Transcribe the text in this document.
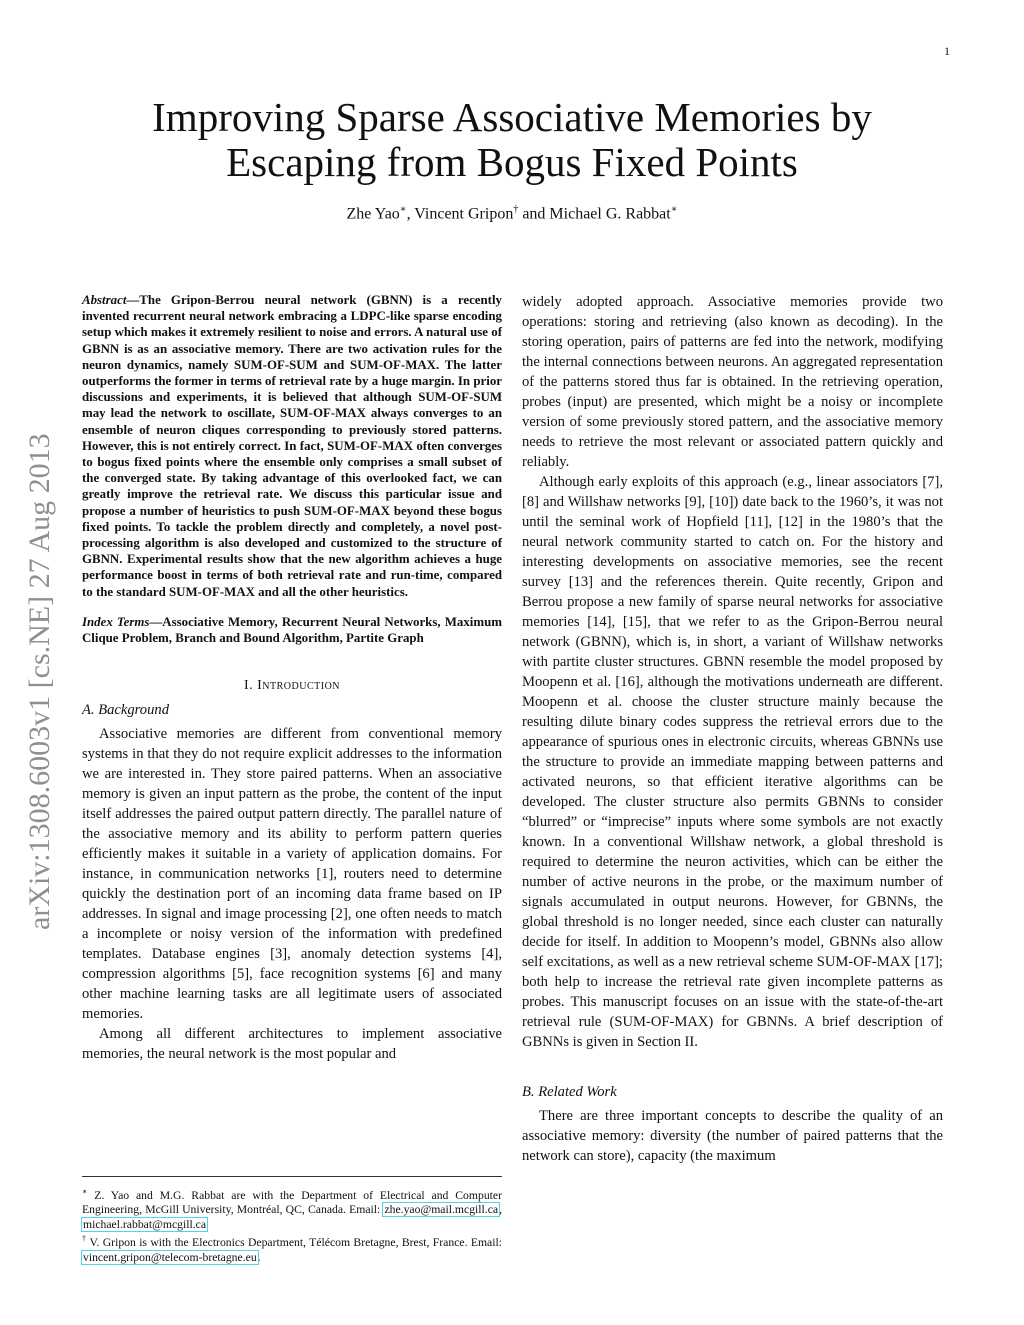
1
arXiv:1308.6003v1 [cs.NE] 27 Aug 2013
Improving Sparse Associative Memories by Escaping from Bogus Fixed Points
Zhe Yao∗, Vincent Gripon† and Michael G. Rabbat∗

Abstract—The Gripon-Berrou neural network (GBNN) is a recently invented recurrent neural network embracing a LDPC-like sparse encoding setup which makes it extremely resilient to noise and errors. A natural use of GBNN is as an associative memory. There are two activation rules for the neuron dynamics, namely SUM-OF-SUM and SUM-OF-MAX. The latter outperforms the former in terms of retrieval rate by a huge margin. In prior discussions and experiments, it is believed that although SUM-OF-SUM may lead the network to oscillate, SUM-OF-MAX always converges to an ensemble of neuron cliques corresponding to previously stored patterns. However, this is not entirely correct. In fact, SUM-OF-MAX often converges to bogus fixed points where the ensemble only comprises a small subset of the converged state. By taking advantage of this overlooked fact, we can greatly improve the retrieval rate. We discuss this particular issue and propose a number of heuristics to push SUM-OF-MAX beyond these bogus fixed points. To tackle the problem directly and completely, a novel post-processing algorithm is also developed and customized to the structure of GBNN. Experimental results show that the new algorithm achieves a huge performance boost in terms of both retrieval rate and run-time, compared to the standard SUM-OF-MAX and all the other heuristics.

Index Terms—Associative Memory, Recurrent Neural Networks, Maximum Clique Problem, Branch and Bound Algorithm, Partite Graph

I. Introduction
A. Background

Associative memories are different from conventional memory systems in that they do not require explicit addresses to the information we are interested in. They store paired patterns. When an associative memory is given an input pattern as the probe, the content of the input itself addresses the paired output pattern directly. The parallel nature of the associative memory and its ability to perform pattern queries efficiently makes it suitable in a variety of application domains. For instance, in communication networks [1], routers need to determine quickly the destination port of an incoming data frame based on IP addresses. In signal and image processing [2], one often needs to match a incomplete or noisy version of the information with predefined templates. Database engines [3], anomaly detection systems [4], compression algorithms [5], face recognition systems [6] and many other machine learning tasks are all legitimate users of associated memories.

Among all different architectures to implement associative memories, the neural network is the most popular and

∗ Z. Yao and M.G. Rabbat are with the Department of Electrical and Computer Engineering, McGill University, Montréal, QC, Canada. Email: zhe.yao@mail.mcgill.ca, michael.rabbat@mcgill.ca
† V. Gripon is with the Electronics Department, Télécom Bretagne, Brest, France. Email: vincent.gripon@telecom-bretagne.eu.

widely adopted approach. Associative memories provide two operations: storing and retrieving (also known as decoding). In the storing operation, pairs of patterns are fed into the network, modifying the internal connections between neurons. An aggregated representation of the patterns stored thus far is obtained. In the retrieving operation, probes (input) are presented, which might be a noisy or incomplete version of some previously stored pattern, and the associative memory needs to retrieve the most relevant or associated pattern quickly and reliably.

Although early exploits of this approach (e.g., linear associators [7], [8] and Willshaw networks [9], [10]) date back to the 1960’s, it was not until the seminal work of Hopfield [11], [12] in the 1980’s that the neural network community started to catch on. For the history and interesting developments on associative memories, see the recent survey [13] and the references therein. Quite recently, Gripon and Berrou propose a new family of sparse neural networks for associative memories [14], [15], that we refer to as the Gripon-Berrou neural network (GBNN), which is, in short, a variant of Willshaw networks with partite cluster structures. GBNN resemble the model proposed by Moopenn et al. [16], although the motivations underneath are different. Moopenn et al. choose the cluster structure mainly because the resulting dilute binary codes suppress the retrieval errors due to the appearance of spurious ones in electronic circuits, whereas GBNNs use the structure to provide an immediate mapping between patterns and activated neurons, so that efficient iterative algorithms can be developed. The cluster structure also permits GBNNs to consider “blurred” or “imprecise” inputs where some symbols are not exactly known. In a conventional Willshaw network, a global threshold is required to determine the neuron activities, which can be either the number of active neurons in the probe, or the maximum number of signals accumulated in output neurons. However, for GBNNs, the global threshold is no longer needed, since each cluster can naturally decide for itself. In addition to Moopenn’s model, GBNNs also allow self excitations, as well as a new retrieval scheme SUM-OF-MAX [17]; both help to increase the retrieval rate given incomplete patterns as probes. This manuscript focuses on an issue with the state-of-the-art retrieval rule (SUM-OF-MAX) for GBNNs. A brief description of GBNNs is given in Section II.

B. Related Work

There are three important concepts to describe the quality of an associative memory: diversity (the number of paired patterns that the network can store), capacity (the maximum
